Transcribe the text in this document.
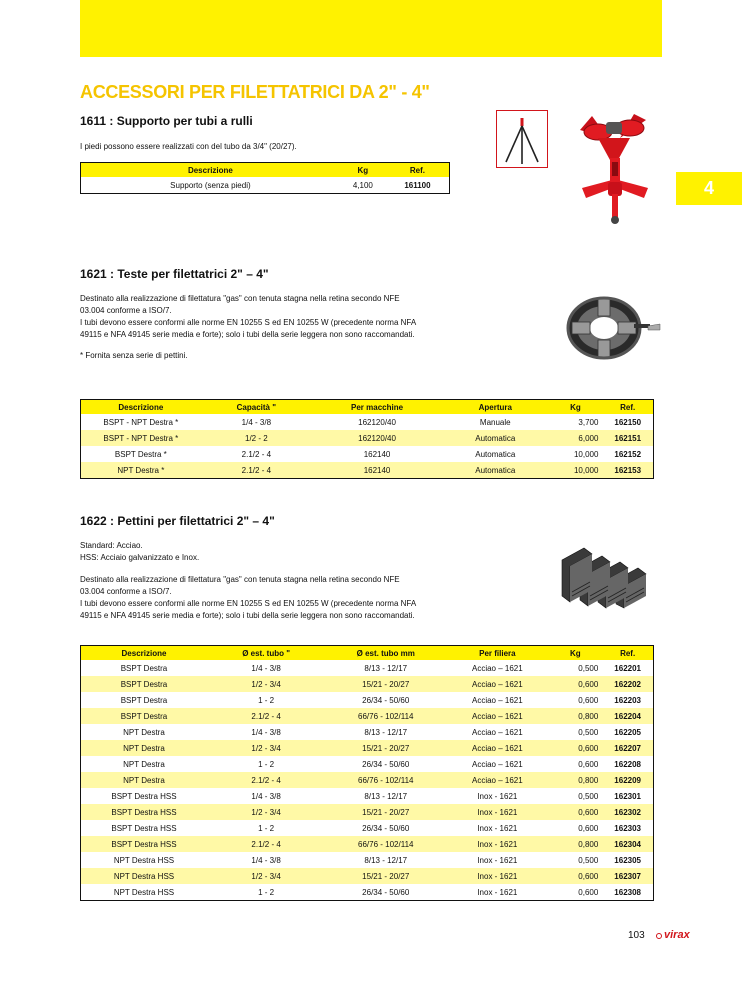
4
ACCESSORI PER FILETTATRICI DA 2" - 4"
1611 : Supporto per tubi a rulli

I piedi possono essere realizzati con del tubo da 3/4" (20/27).

Descrizione	Kg	Ref.
Supporto (senza piedi)	4,100	161100
1621 : Teste per filettatrici 2" – 4"

Destinato alla realizzazione di filettatura "gas" con tenuta stagna nella retina secondo NFE

03.004 conforme a ISO/7.

I tubi devono essere conformi alle norme EN 10255 S ed EN 10255 W (precedente norma NFA

49115 e NFA 49145 serie media e forte); solo i tubi della serie leggera non sono raccomandati.

* Fornita senza serie di pettini.

Descrizione	Capacità "	Per macchine	Apertura	Kg	Ref.
BSPT - NPT Destra *	1/4 - 3/8	162120/40	Manuale	3,700	162150
BSPT - NPT Destra *	1/2 - 2	162120/40	Automatica	6,000	162151
BSPT Destra *	2.1/2 - 4	162140	Automatica	10,000	162152
NPT Destra *	2.1/2 - 4	162140	Automatica	10,000	162153
1622 : Pettini per filettatrici 2" – 4"

Standard: Acciao.

HSS: Acciaio galvanizzato e Inox.

Destinato alla realizzazione di filettatura "gas" con tenuta stagna nella retina secondo NFE

03.004 conforme a ISO/7.

I tubi devono essere conformi alle norme EN 10255 S ed EN 10255 W (precedente norma NFA

49115 e NFA 49145 serie media e forte); solo i tubi della serie leggera non sono raccomandati.

Descrizione	Ø est. tubo "	Ø est. tubo mm	Per filiera	Kg	Ref.
BSPT Destra	1/4 - 3/8	8/13 - 12/17	Acciao – 1621	0,500	162201
BSPT Destra	1/2 - 3/4	15/21 - 20/27	Acciao – 1621	0,600	162202
BSPT Destra	1 - 2	26/34 - 50/60	Acciao – 1621	0,600	162203
BSPT Destra	2.1/2 - 4	66/76 - 102/114	Acciao – 1621	0,800	162204
NPT Destra	1/4 - 3/8	8/13 - 12/17	Acciao – 1621	0,500	162205
NPT Destra	1/2 - 3/4	15/21 - 20/27	Acciao – 1621	0,600	162207
NPT Destra	1 - 2	26/34 - 50/60	Acciao – 1621	0,600	162208
NPT Destra	2.1/2 - 4	66/76 - 102/114	Acciao – 1621	0,800	162209
BSPT Destra HSS	1/4 - 3/8	8/13 - 12/17	Inox - 1621	0,500	162301
BSPT Destra HSS	1/2 - 3/4	15/21 - 20/27	Inox - 1621	0,600	162302
BSPT Destra HSS	1 - 2	26/34 - 50/60	Inox - 1621	0,600	162303
BSPT Destra HSS	2.1/2 - 4	66/76 - 102/114	Inox - 1621	0,800	162304
NPT Destra HSS	1/4 - 3/8	8/13 - 12/17	Inox - 1621	0,500	162305
NPT Destra HSS	1/2 - 3/4	15/21 - 20/27	Inox - 1621	0,600	162307
NPT Destra HSS	1 - 2	26/34 - 50/60	Inox - 1621	0,600	162308
103 virax
